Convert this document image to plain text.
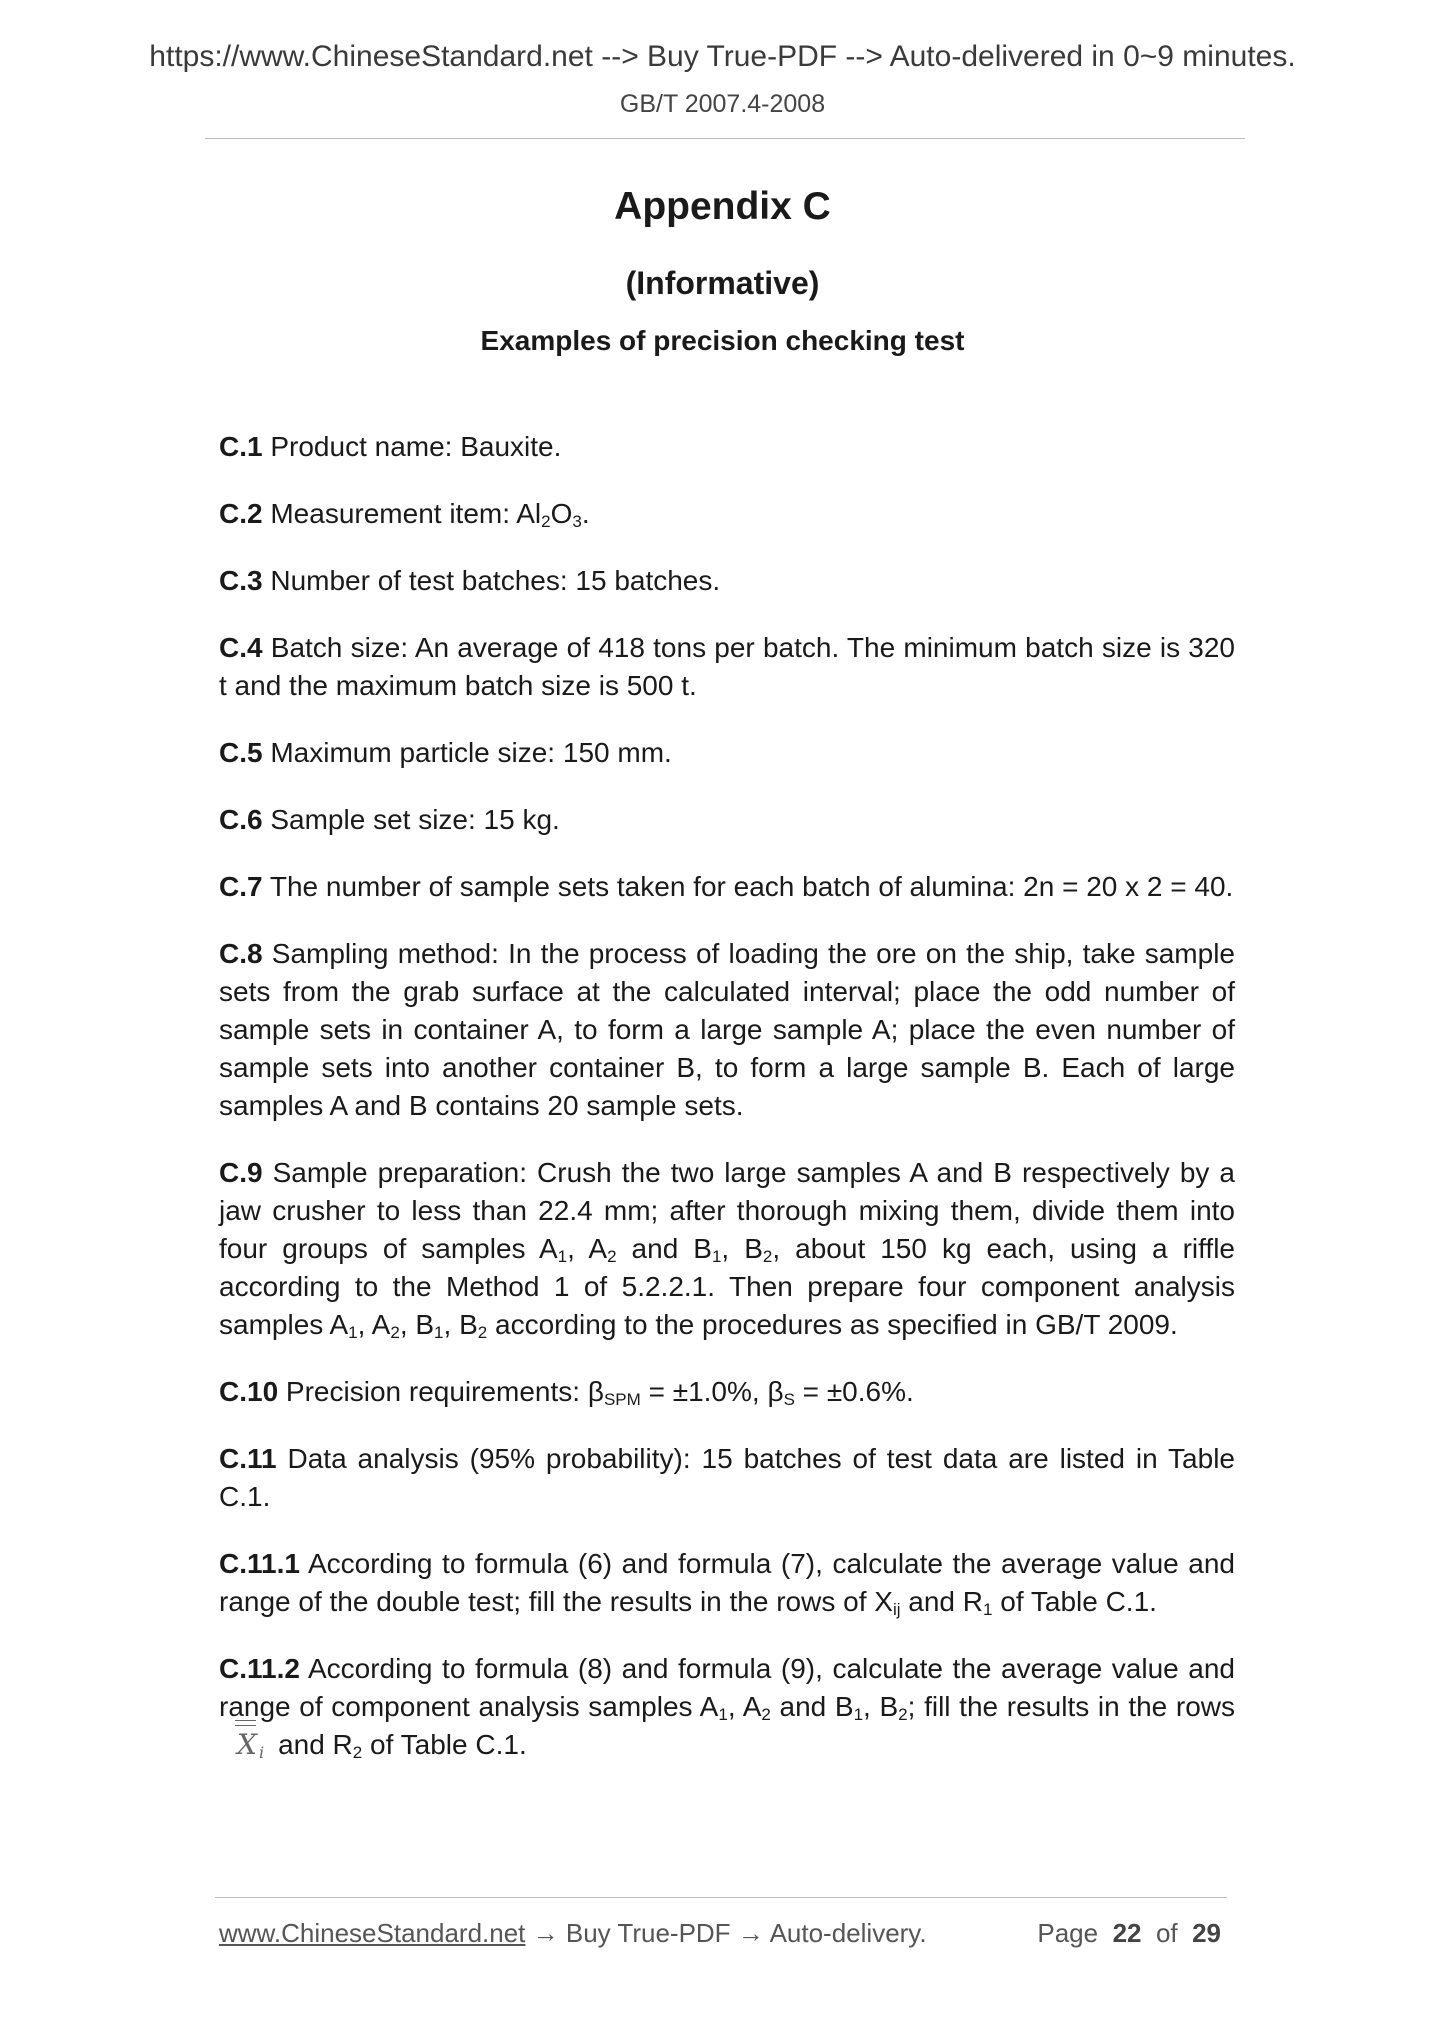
https://www.ChineseStandard.net --> Buy True-PDF --> Auto-delivered in 0~9 minutes.
GB/T 2007.4-2008
Appendix C
(Informative)
Examples of precision checking test

C.1 Product name: Bauxite.

C.2 Measurement item: $Al_2O_3$.

C.3 Number of test batches: 15 batches.

C.4 Batch size: An average of 418 tons per batch. The minimum batch size is 320 t and the maximum batch size is 500 t.

C.5 Maximum particle size: 150 mm.

C.6 Sample set size: 15 kg.

C.7 The number of sample sets taken for each batch of alumina: 2n = 20 x 2 = 40.

C.8 Sampling method: In the process of loading the ore on the ship, take sample sets from the grab surface at the calculated interval; place the odd number of sample sets in container A, to form a large sample A; place the even number of sample sets into another container B, to form a large sample B. Each of large samples A and B contains 20 sample sets.

C.9 Sample preparation: Crush the two large samples A and B respectively by a jaw crusher to less than 22.4 mm; after thorough mixing them, divide them into four groups of samples $A_1$, $A_2$ and $B_1$, $B_2$, about 150 kg each, using a riffle according to the Method 1 of 5.2.2.1. Then prepare four component analysis samples $A_1$, $A_2$, $B_1$, $B_2$ according to the procedures as specified in GB/T 2009.

C.10 Precision requirements: $\beta_{SPM} = \pm 1.0\%$, $\beta_S = \pm 0.6\%$.

C.11 Data analysis (95% probability): 15 batches of test data are listed in Table C.1.

C.11.1 According to formula (6) and formula (7), calculate the average value and range of the double test; fill the results in the rows of $X_{ij}$ and $R_1$ of Table C.1.

C.11.2 According to formula (8) and formula (9), calculate the average value and range of component analysis samples $A_1$, $A_2$ and $B_1$, $B_2$; fill the results in the rows
X i and $R_2$ of Table C.1.

www.ChineseStandard.net → Buy True-PDF → Auto-delivery.	Page 22 of 29
